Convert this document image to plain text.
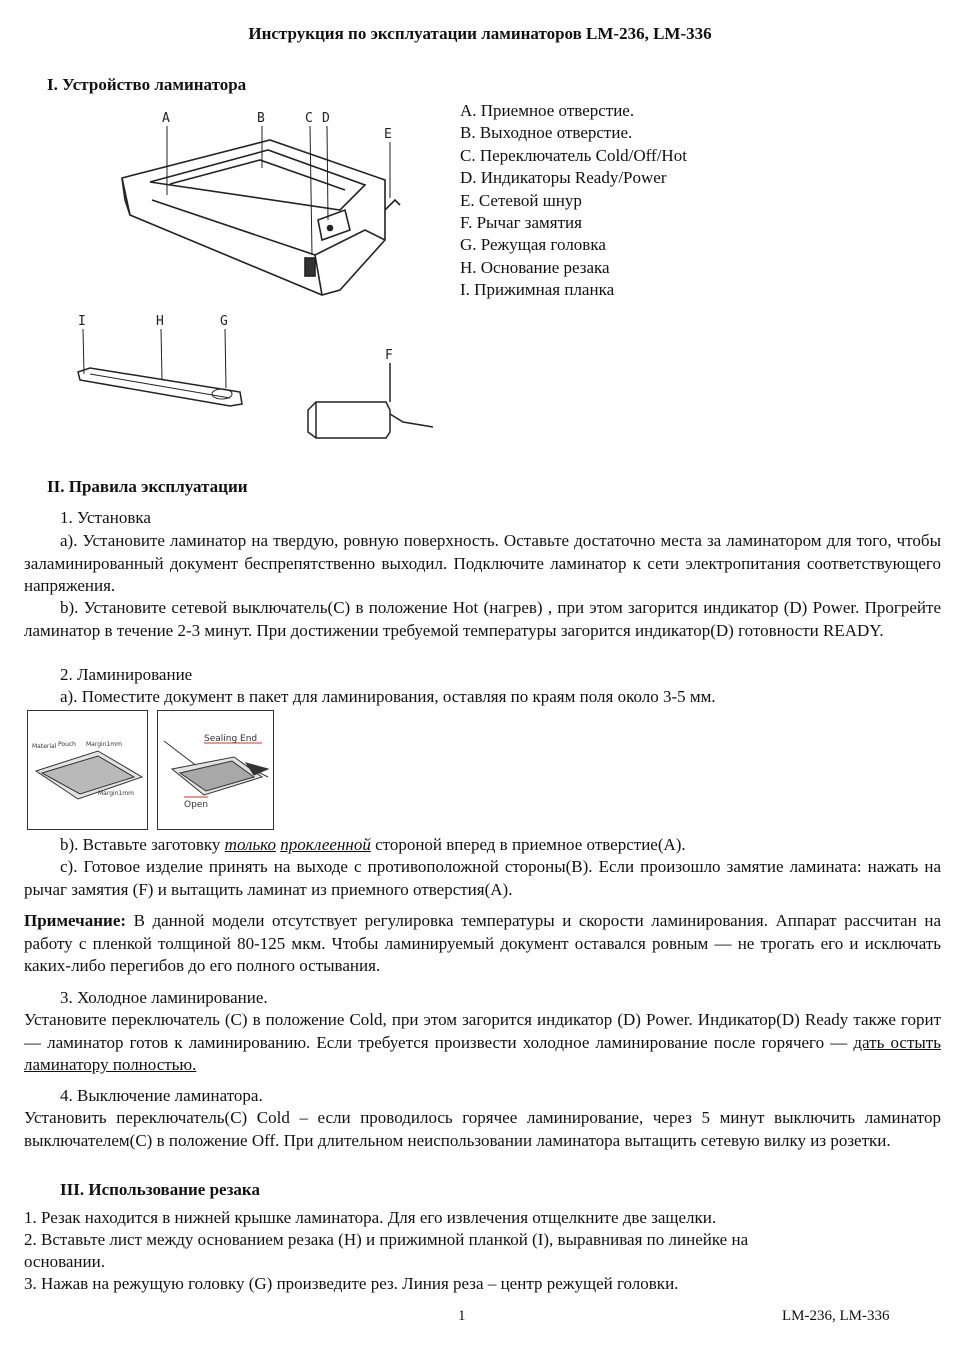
Инструкция по эксплуатации ламинаторов LM-236, LM-336
I. Устройство ламинатора
A	B	C D
E
I	H	G
F
A. Приемное отверстие.
B. Выходное отверстие.
C. Переключатель Cold/Off/Hot
D. Индикаторы Ready/Power
E. Сетевой шнур
F. Рычаг замятия
G. Режущая головка
H. Основание резака
I. Прижимная планка
II. Правила эксплуатации
1. Установка
a). Установите ламинатор на твердую, ровную поверхность. Оставьте достаточно места за ламинатором для того, чтобы заламинированный документ беспрепятственно выходил. Подключите ламинатор к сети электропитания соответствующего напряжения.
b). Установите сетевой выключатель(C) в положение Hot (нагрев) , при этом загорится индикатор (D) Power. Прогрейте ламинатор в течение 2-3 минут. При достижении требуемой температуры загорится индикатор(D) готовности READY.
2. Ламинирование
a). Поместите документ в пакет для ламинирования, оставляя по краям поля около 3-5 мм.
Material Pouch Margin1mm
Margin1mm
Sealing End
Open
b). Вставьте заготовку только проклеенной стороной вперед в приемное отверстие(A).
c). Готовое изделие принять на выходе с противоположной стороны(B). Если произошло замятие ламината: нажать на рычаг замятия (F) и вытащить ламинат из приемного отверстия(A).
Примечание: В данной модели отсутствует регулировка температуры и скорости ламинирования. Аппарат рассчитан на работу с пленкой толщиной 80-125 мкм. Чтобы ламинируемый документ оставался ровным — не трогать его и исключать каких-либо перегибов до его полного остывания.
3. Холодное ламинирование.
Установите переключатель (C) в положение Cold, при этом загорится индикатор (D) Power. Индикатор(D) Ready также горит — ламинатор готов к ламинированию. Если требуется произвести холодное ламинирование после горячего — дать остыть ламинатору полностью.
4. Выключение ламинатора.
Установить переключатель(C) Cold – если проводилось горячее ламинирование, через 5 минут выключить ламинатор выключателем(C) в положение Off. При длительном неиспользовании ламинатора вытащить сетевую вилку из розетки.
III. Использование резака
1. Резак находится в нижней крышке ламинатора. Для его извлечения отщелкните две защелки.
2. Вставьте лист между основанием резака (H) и прижимной планкой (I), выравнивая по линейке на
основании.
3. Нажав на режущую головку (G) произведите рез. Линия реза – центр режущей головки.
1	LM-236, LM-336
